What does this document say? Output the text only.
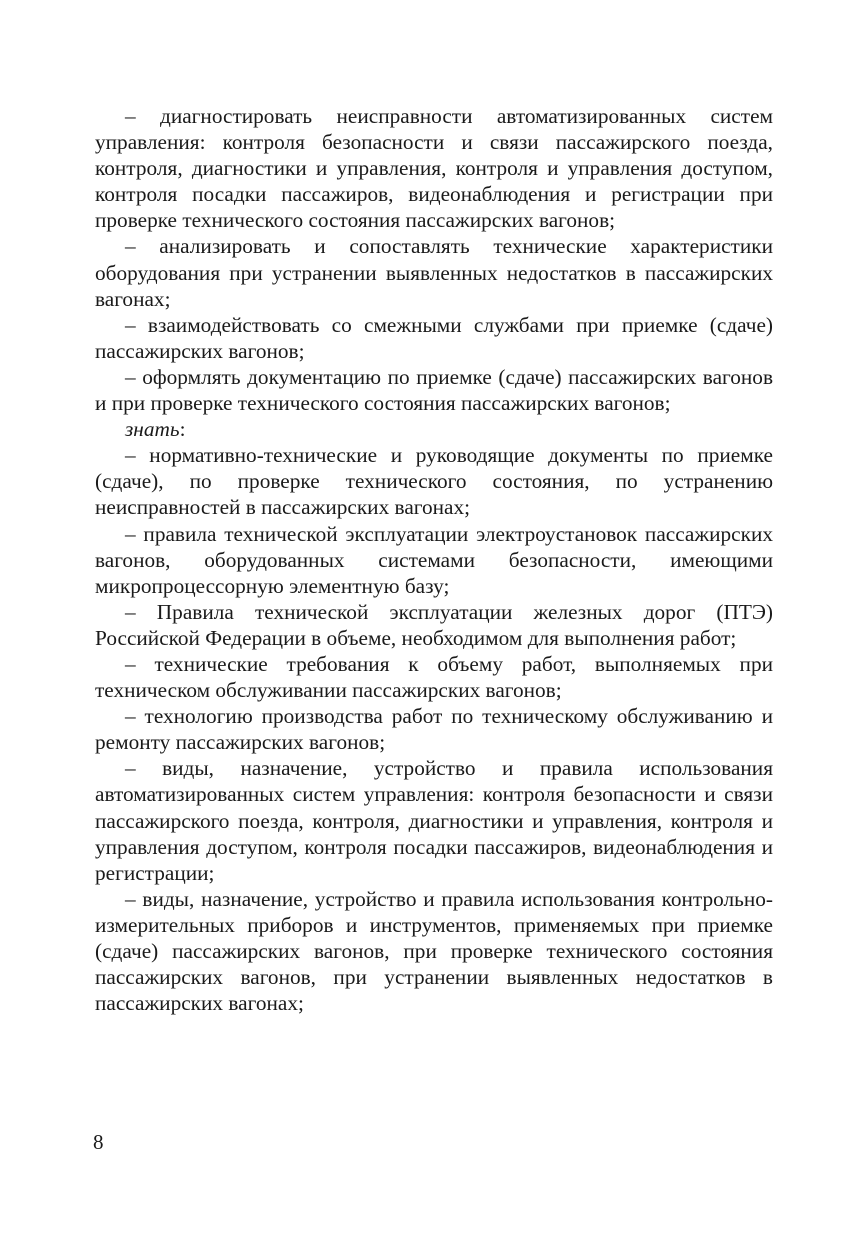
– диагностировать неисправности автоматизированных систем управления: контроля безопасности и связи пассажирского поезда, контроля, диагностики и управления, контроля и управления доступом, контроля посадки пассажиров, видеонаблюдения и регистрации при проверке технического состояния пассажирских вагонов;

– анализировать и сопоставлять технические характеристики оборудования при устранении выявленных недостатков в пассажирских вагонах;

– взаимодействовать со смежными службами при приемке (сдаче) пассажирских вагонов;

– оформлять документацию по приемке (сдаче) пассажирских вагонов и при проверке технического состояния пассажирских вагонов;

знать:

– нормативно-технические и руководящие документы по приемке (сдаче), по проверке технического состояния, по устранению неисправностей в пассажирских вагонах;

– правила технической эксплуатации электроустановок пассажирских вагонов, оборудованных системами безопасности, имеющими микропроцессорную элементную базу;

– Правила технической эксплуатации железных дорог (ПТЭ) Российской Федерации в объеме, необходимом для выполнения работ;

– технические требования к объему работ, выполняемых при техническом обслуживании пассажирских вагонов;

– технологию производства работ по техническому обслуживанию и ремонту пассажирских вагонов;

– виды, назначение, устройство и правила использования автоматизированных систем управления: контроля безопасности и связи пассажирского поезда, контроля, диагностики и управления, контроля и управления доступом, контроля посадки пассажиров, видеонаблюдения и регистрации;

– виды, назначение, устройство и правила использования контрольно-измерительных приборов и инструментов, применяемых при приемке (сдаче) пассажирских вагонов, при проверке технического состояния пассажирских вагонов, при устранении выявленных недостатков в пассажирских вагонах;

8
